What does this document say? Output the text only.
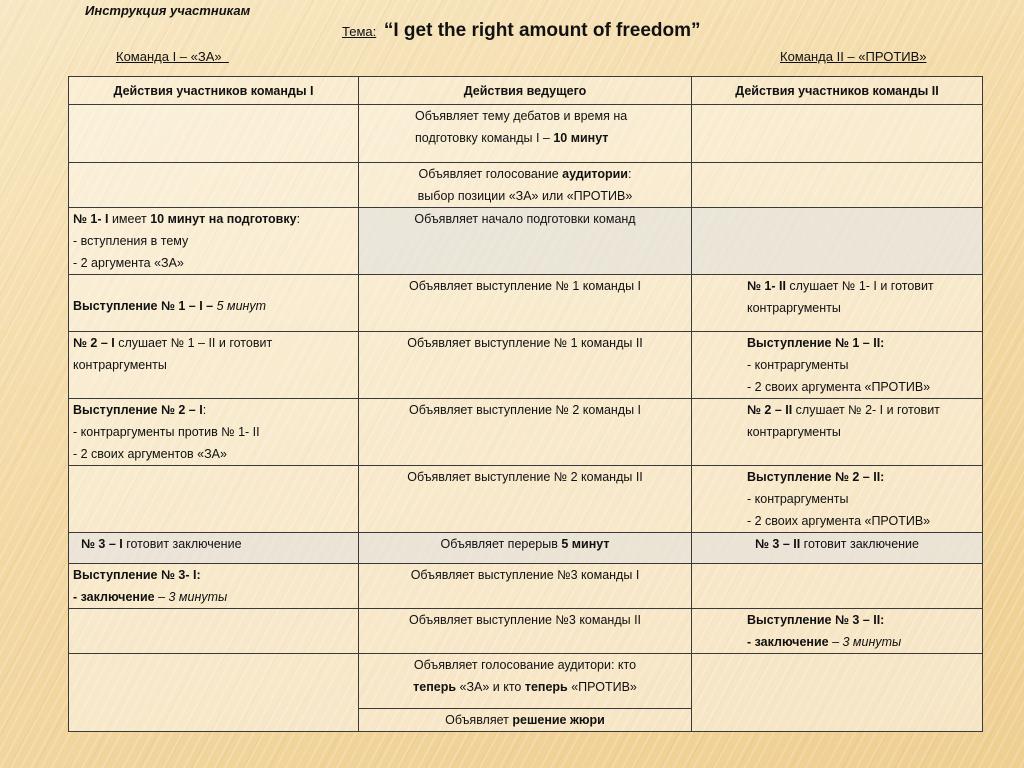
Инструкция участникам
Тема: “I get the right amount of freedom”
Команда I – «ЗА»	Команда II – «ПРОТИВ»
Действия участников команды I	Действия ведущего	Действия участников команды II

	Объявляет тему дебатов и время на
подготовку команды I – 10 минут	

	Объявляет голосование аудитории:
выбор позиции «ЗА» или «ПРОТИВ»	

№ 1- I имеет 10 минут на подготовку:
- вступления в тему
- 2 аргумента «ЗА»	Объявляет начало подготовки команд	
Выступление № 1 – I – 5 минут	Объявляет выступление № 1 команды I	№ 1- II слушает № 1- I и готовит
контраргументы

№ 2 – I слушает № 1 – II и готовит
контраргументы	Объявляет выступление № 1 команды II	Выступление № 1 – II:
- контраргументы
- 2 своих аргумента «ПРОТИВ»

Выступление № 2 – I:
- контраргументы против № 1- II
- 2 своих аргументов «ЗА»	Объявляет выступление № 2 команды I	№ 2 – II слушает № 2- I и готовит
контраргументы

	Объявляет выступление № 2 команды II	Выступление № 2 – II:
- контраргументы
- 2 своих аргумента «ПРОТИВ»

№ 3 – I готовит заключение	Объявляет перерыв 5 минут	№ 3 – II готовит заключение

Выступление № 3- I:
- заключение – 3 минуты	Объявляет выступление №3 команды I	
	Объявляет выступление №3 команды II	Выступление № 3 – II:
- заключение – 3 минуты

	Объявляет голосование аудитори: кто
теперь «ЗА» и кто теперь «ПРОТИВ»	

	Объявляет решение жюри	
